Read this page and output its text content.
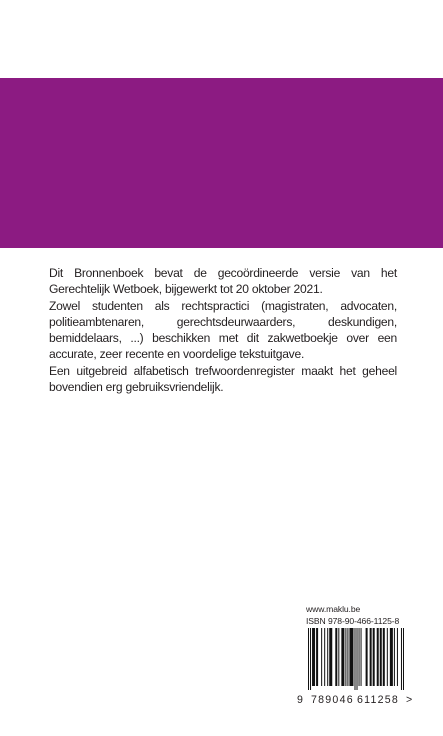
Dit Bronnenboek bevat de gecoördineerde versie van het Gerechtelijk Wetboek, bijgewerkt tot 20 oktober 2021.

Zowel studenten als rechtspractici (magistraten, advocaten, politieambtenaren, gerechtsdeurwaarders, deskundigen, bemiddelaars, ...) beschikken met dit zakwetboekje over een accurate, zeer recente en voordelige tekstuitgave.

Een uitgebreid alfabetisch trefwoordenregister maakt het geheel bovendien erg gebruiksvriendelijk.

www.maklu.be
ISBN 978-90-466-1125-8
9 789046 611258 >
